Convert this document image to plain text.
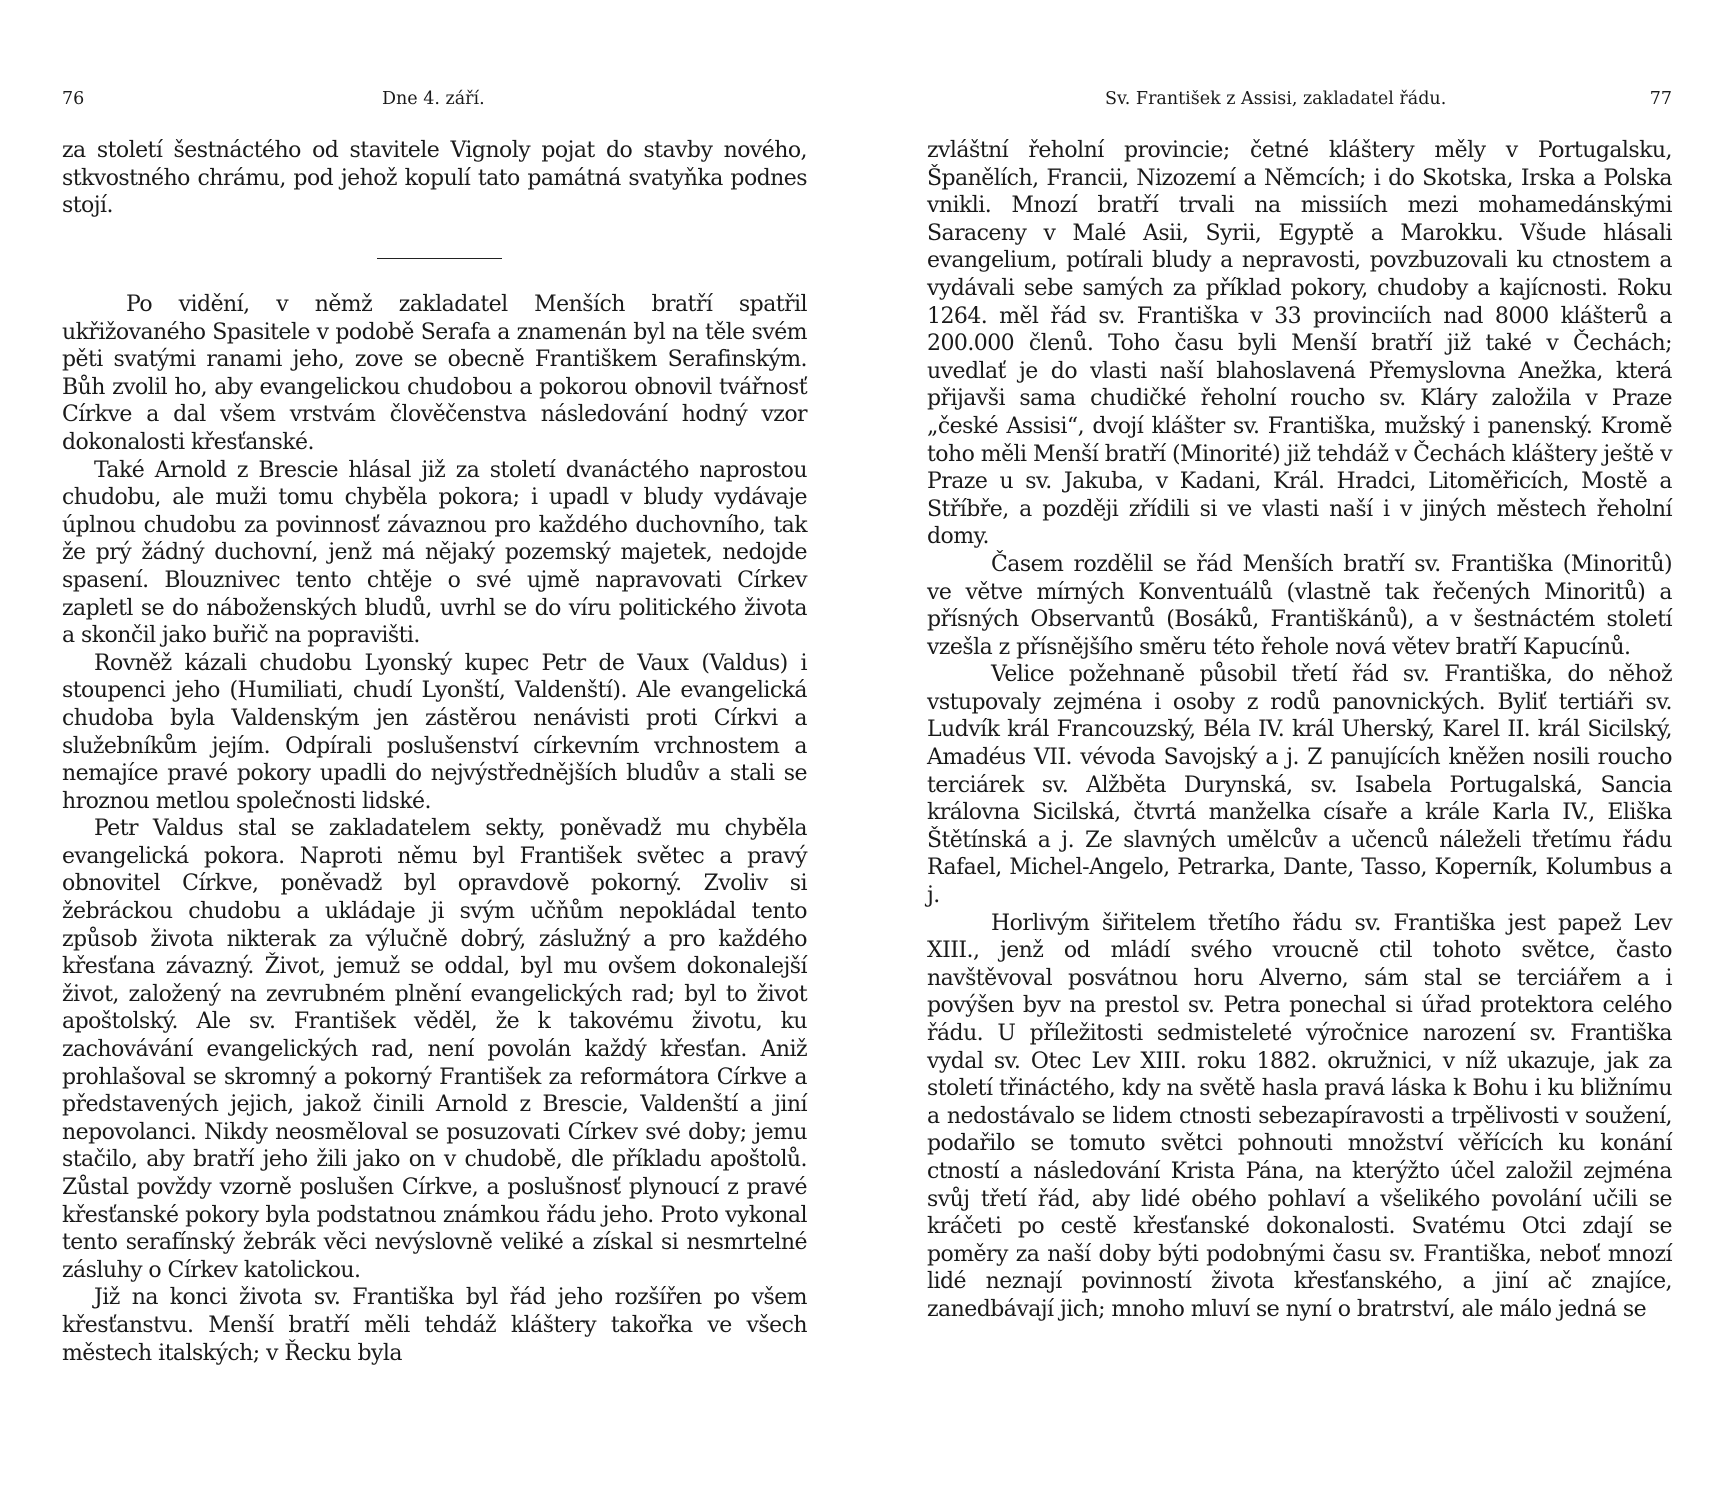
76	Dne 4. září.

za století šestnáctého od stavitele Vignoly pojat do stavby nového, stkvostného chrámu, pod jehož kopulí tato památná svatyňka podnes stojí.

Po vidění, v němž zakladatel Menších bratří spatřil ukřižovaného Spasitele v podobě Serafa a znamenán byl na těle svém pěti svatými ranami jeho, zove se obecně Františkem Serafinským. Bůh zvolil ho, aby evangelickou chudobou a pokorou obnovil tvářnosť Církve a dal všem vrstvám člověčenstva následování hodný vzor dokonalosti křesťanské.

Také Arnold z Brescie hlásal již za století dvanáctého naprostou chudobu, ale muži tomu chyběla pokora; i upadl v bludy vydávaje úplnou chudobu za povinnosť závaznou pro každého duchovního, tak že prý žádný duchovní, jenž má nějaký pozemský majetek, nedojde spasení. Blouznivec tento chtěje o své ujmě napravovati Církev zapletl se do náboženských bludů, uvrhl se do víru politického života a skončil jako buřič na popravišti.

Rovněž kázali chudobu Lyonský kupec Petr de Vaux (Valdus) i stoupenci jeho (Humiliati, chudí Lyonští, Valdenští). Ale evangelická chudoba byla Valdenským jen zástěrou nenávisti proti Církvi a služebníkům jejím. Odpírali poslušenství církevním vrchnostem a nemajíce pravé pokory upadli do nejvýstřednějších bludův a stali se hroznou metlou společnosti lidské.

Petr Valdus stal se zakladatelem sekty, poněvadž mu chyběla evangelická pokora. Naproti němu byl František světec a pravý obnovitel Církve, poněvadž byl opravdově pokorný. Zvoliv si žebráckou chudobu a ukládaje ji svým učňům nepokládal tento způsob života nikterak za výlučně dobrý, záslužný a pro každého křesťana závazný. Život, jemuž se oddal, byl mu ovšem dokonalejší život, založený na zevrubném plnění evangelických rad; byl to život apoštolský. Ale sv. František věděl, že k takovému životu, ku zachovávání evangelických rad, není povolán každý křesťan. Aniž prohlašoval se skromný a pokorný František za reformátora Církve a představených jejich, jakož činili Arnold z Brescie, Valdenští a jiní nepovolanci. Nikdy neosměloval se posuzovati Církev své doby; jemu stačilo, aby bratří jeho žili jako on v chudobě, dle příkladu apoštolů. Zůstal povždy vzorně poslušen Církve, a poslušnosť plynoucí z pravé křesťanské pokory byla podstatnou známkou řádu jeho. Proto vykonal tento serafínský žebrák věci nevýslovně veliké a získal si nesmrtelné zásluhy o Církev katolickou.

Již na konci života sv. Františka byl řád jeho rozšířen po všem křesťanstvu. Menší bratří měli tehdáž kláštery takořka ve všech městech italských; v Řecku byla

Sv. František z Assisi, zakladatel řádu.	77

zvláštní řeholní provincie; četné kláštery měly v Portugalsku, Španělích, Francii, Nizozemí a Němcích; i do Skotska, Irska a Polska vnikli. Mnozí bratří trvali na missiích mezi mohamedánskými Saraceny v Malé Asii, Syrii, Egyptě a Marokku. Všude hlásali evangelium, potírali bludy a nepravosti, povzbuzovali ku ctnostem a vydávali sebe samých za příklad pokory, chudoby a kajícnosti. Roku 1264. měl řád sv. Františka v 33 provinciích nad 8000 klášterů a 200.000 členů. Toho času byli Menší bratří již také v Čechách; uvedlať je do vlasti naší blahoslavená Přemyslovna Anežka, která přijavši sama chudičké řeholní roucho sv. Kláry založila v Praze „české Assisi“, dvojí klášter sv. Františka, mužský i panenský. Kromě toho měli Menší bratří (Minorité) již tehdáž v Čechách kláštery ještě v Praze u sv. Jakuba, v Kadani, Král. Hradci, Litoměřicích, Mostě a Stříbře, a později zřídili si ve vlasti naší i v jiných městech řeholní domy.

Časem rozdělil se řád Menších bratří sv. Františka (Minoritů) ve větve mírných Konventuálů (vlastně tak řečených Minoritů) a přísných Observantů (Bosáků, Františkánů), a v šestnáctém století vzešla z přísnějšího směru této řehole nová větev bratří Kapucínů.

Velice požehnaně působil třetí řád sv. Františka, do něhož vstupovaly zejména i osoby z rodů panovnických. Byliť tertiáři sv. Ludvík král Francouzský, Béla IV. král Uherský, Karel II. král Sicilský, Amadéus VII. vévoda Savojský a j. Z panujících kněžen nosili roucho terciárek sv. Alžběta Durynská, sv. Isabela Portugalská, Sancia královna Sicilská, čtvrtá manželka císaře a krále Karla IV., Eliška Štětínská a j. Ze slavných umělcův a učenců náleželi třetímu řádu Rafael, Michel-Angelo, Petrarka, Dante, Tasso, Koperník, Kolumbus a j.

Horlivým šiřitelem třetího řádu sv. Františka jest papež Lev XIII., jenž od mládí svého vroucně ctil tohoto světce, často navštěvoval posvátnou horu Alverno, sám stal se terciářem a i povýšen byv na prestol sv. Petra ponechal si úřad protektora celého řádu. U příležitosti sedmisteleté výročnice narození sv. Františka vydal sv. Otec Lev XIII. roku 1882. okružnici, v níž ukazuje, jak za století třináctého, kdy na světě hasla pravá láska k Bohu i ku bližnímu a nedostávalo se lidem ctnosti sebezapíravosti a trpělivosti v soužení, podařilo se tomuto světci pohnouti množství věřících ku konání ctností a následování Krista Pána, na kterýžto účel založil zejména svůj třetí řád, aby lidé obého pohlaví a všelikého povolání učili se kráčeti po cestě křesťanské dokonalosti. Svatému Otci zdají se poměry za naší doby býti podobnými času sv. Františka, neboť mnozí lidé neznají povinností života křesťanského, a jiní ač znajíce, zanedbávají jich; mnoho mluví se nyní o bratrství, ale málo jedná se
